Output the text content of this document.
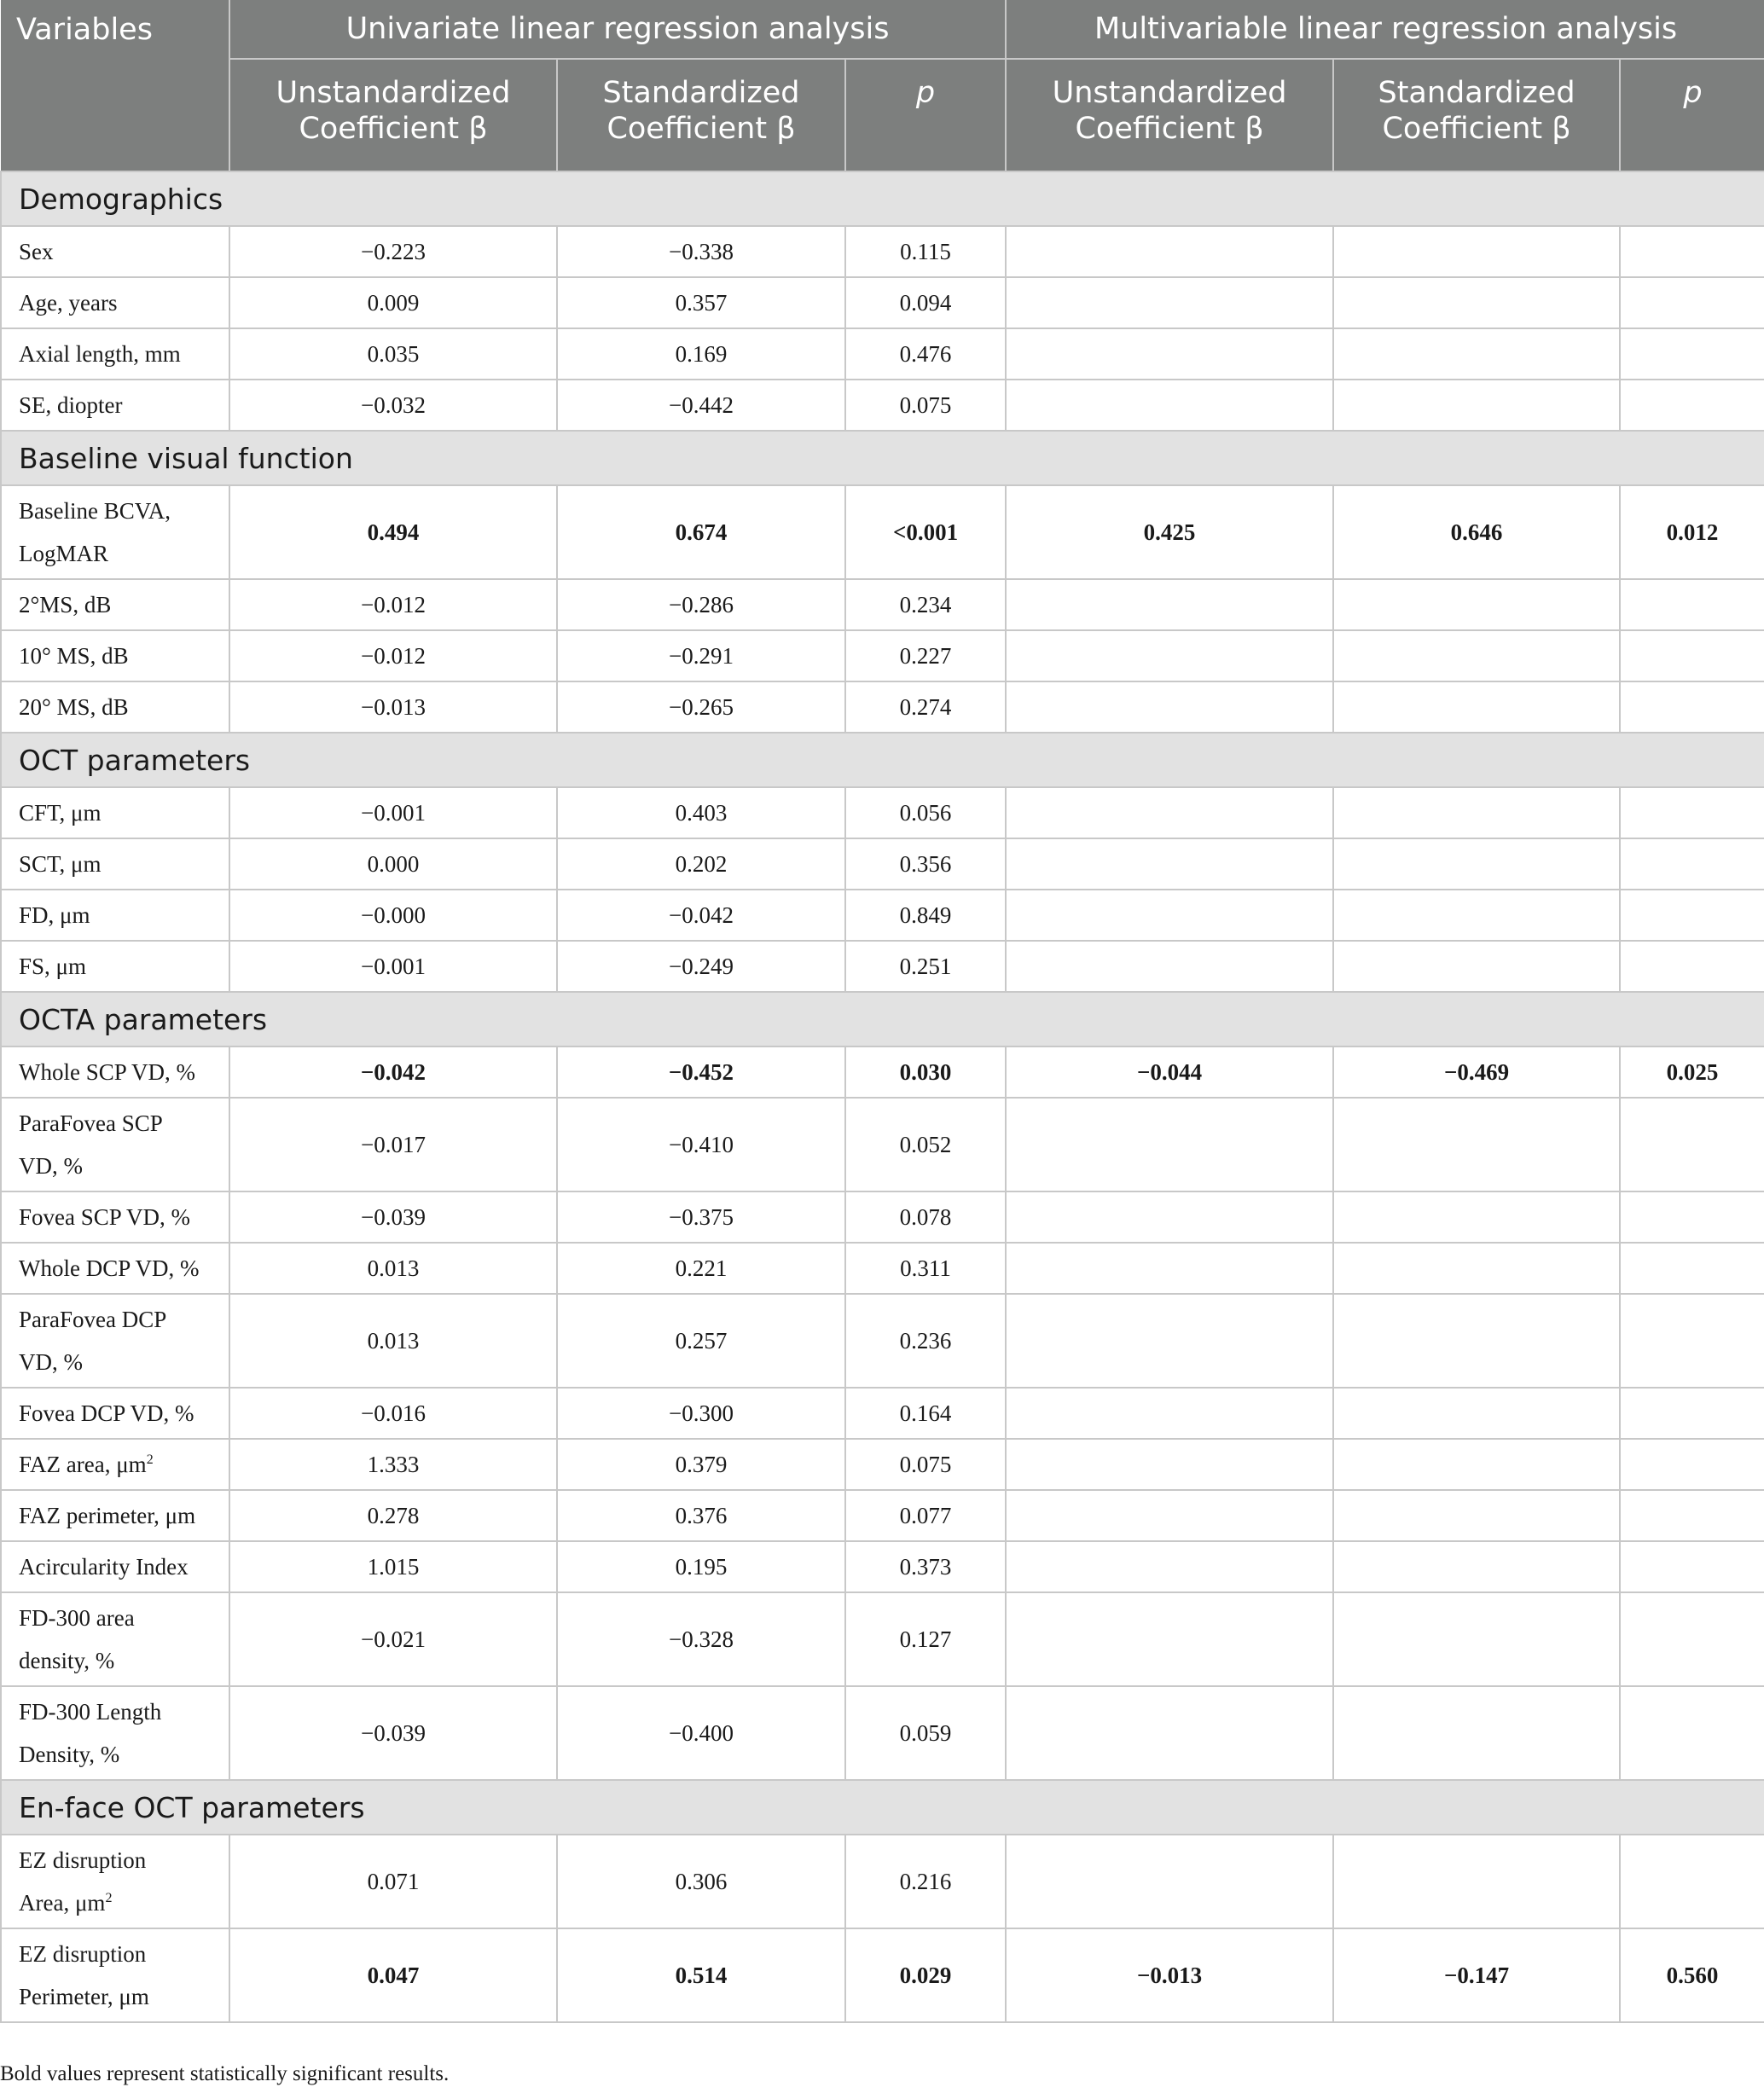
Variables	Univariate linear regression analysis			Multivariable linear regression analysis		
	Unstandardized
Coefficient β	Standardized
Coefficient β	p	Unstandardized
Coefficient β	Standardized
Coefficient β	p
Demographics						
Sex	−0.223	−0.338	0.115			
Age, years	0.009	0.357	0.094			
Axial length, mm	0.035	0.169	0.476			
SE, diopter	−0.032	−0.442	0.075			
Baseline visual function						
Baseline BCVA,
LogMAR	0.494	0.674	<0.001	0.425	0.646	0.012
2°MS, dB	−0.012	−0.286	0.234			
10° MS, dB	−0.012	−0.291	0.227			
20° MS, dB	−0.013	−0.265	0.274			
OCT parameters						
CFT, μm	−0.001	0.403	0.056			
SCT, μm	0.000	0.202	0.356			
FD, μm	−0.000	−0.042	0.849			
FS, μm	−0.001	−0.249	0.251			
OCTA parameters						
Whole SCP VD, %	−0.042	−0.452	0.030	−0.044	−0.469	0.025
ParaFovea SCP
VD, %	−0.017	−0.410	0.052			
Fovea SCP VD, %	−0.039	−0.375	0.078			
Whole DCP VD, %	0.013	0.221	0.311			
ParaFovea DCP
VD, %	0.013	0.257	0.236			
Fovea DCP VD, %	−0.016	−0.300	0.164			
FAZ area, $\mu m^2$	1.333	0.379	0.075			
FAZ perimeter, μm	0.278	0.376	0.077			
Acircularity Index	1.015	0.195	0.373			
FD-300 area
density, %	−0.021	−0.328	0.127			
FD-300 Length
Density, %	−0.039	−0.400	0.059			
En-face OCT parameters						
EZ disruption
Area, $\mu m^2$	0.071	0.306	0.216			
EZ disruption
Perimeter, μm	0.047	0.514	0.029	−0.013	−0.147	0.560
Bold values represent statistically significant results.
